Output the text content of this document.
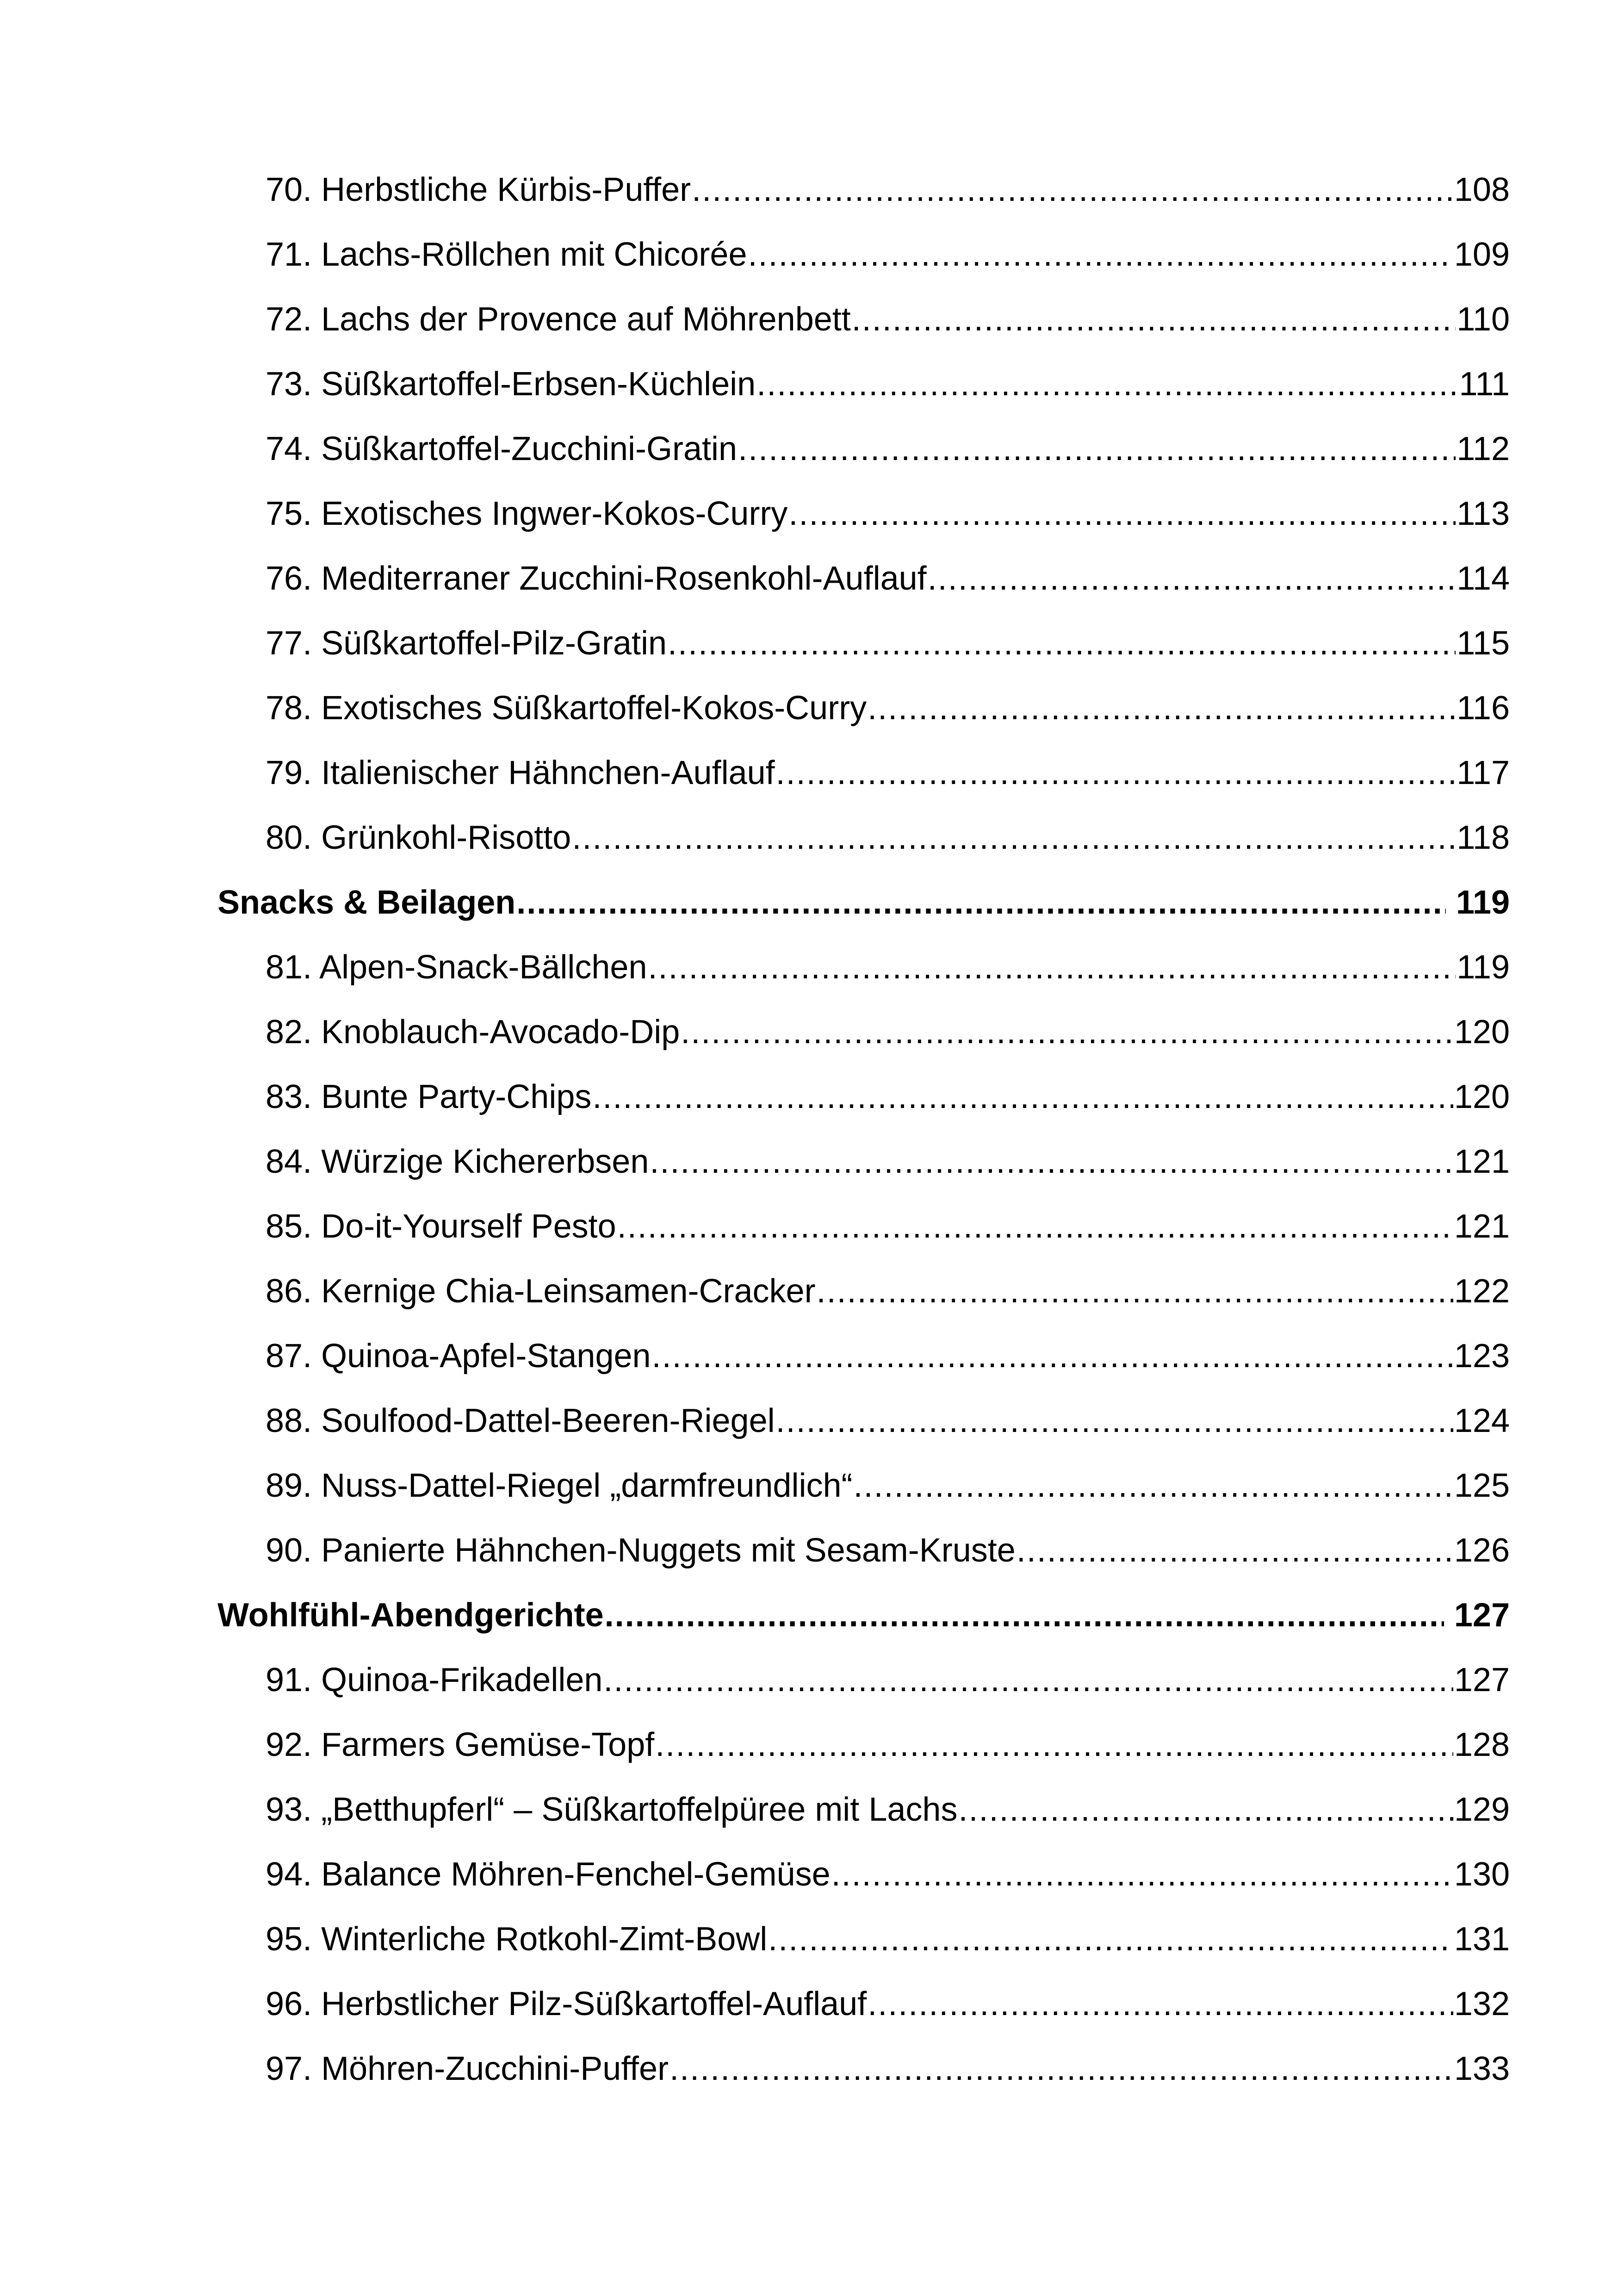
70. Herbstliche Kürbis-Puffer .....	108
71. Lachs-Röllchen mit Chicorée .....	109
72. Lachs der Provence auf Möhrenbett .....	110
73. Süßkartoffel-Erbsen-Küchlein .....	111
74. Süßkartoffel-Zucchini-Gratin .....	112
75. Exotisches Ingwer-Kokos-Curry .....	113
76. Mediterraner Zucchini-Rosenkohl-Auflauf .....	114
77. Süßkartoffel-Pilz-Gratin .....	115
78. Exotisches Süßkartoffel-Kokos-Curry .....	116
79. Italienischer Hähnchen-Auflauf .....	117
80. Grünkohl-Risotto .....	118
Snacks & Beilagen .....	119
81. Alpen-Snack-Bällchen .....	119
82. Knoblauch-Avocado-Dip .....	120
83. Bunte Party-Chips .....	120
84. Würzige Kichererbsen .....	121
85. Do-it-Yourself Pesto .....	121
86. Kernige Chia-Leinsamen-Cracker .....	122
87. Quinoa-Apfel-Stangen .....	123
88. Soulfood-Dattel-Beeren-Riegel .....	124
89. Nuss-Dattel-Riegel „darmfreundlich“ .....	125
90. Panierte Hähnchen-Nuggets mit Sesam-Kruste .....	126
Wohlfühl-Abendgerichte .....	127
91. Quinoa-Frikadellen .....	127
92. Farmers Gemüse-Topf .....	128
93. „Betthupferl“ – Süßkartoffelpüree mit Lachs .....	129
94. Balance Möhren-Fenchel-Gemüse .....	130
95. Winterliche Rotkohl-Zimt-Bowl .....	131
96. Herbstlicher Pilz-Süßkartoffel-Auflauf .....	132
97. Möhren-Zucchini-Puffer .....	133
